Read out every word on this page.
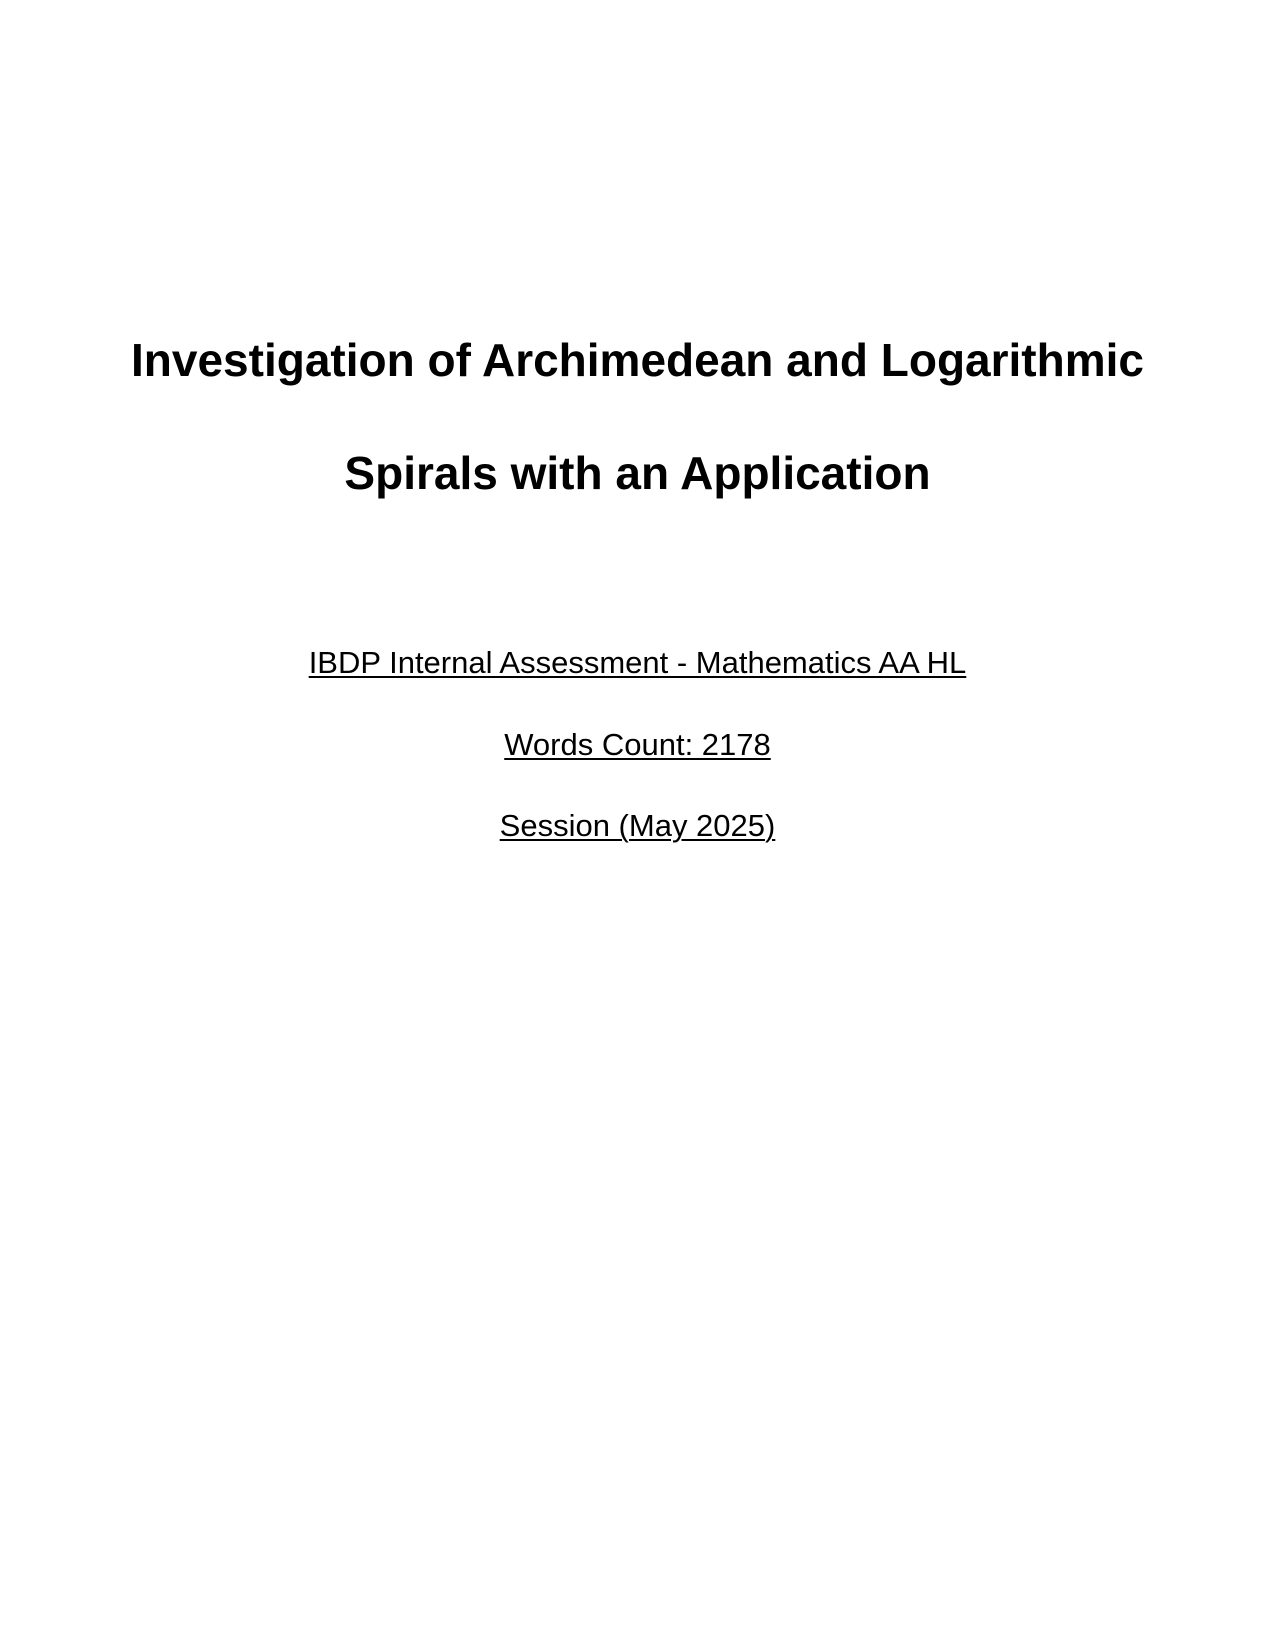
Investigation of Archimedean and Logarithmic
Spirals with an Application
IBDP Internal Assessment - Mathematics AA HL
Words Count: 2178
Session (May 2025)
